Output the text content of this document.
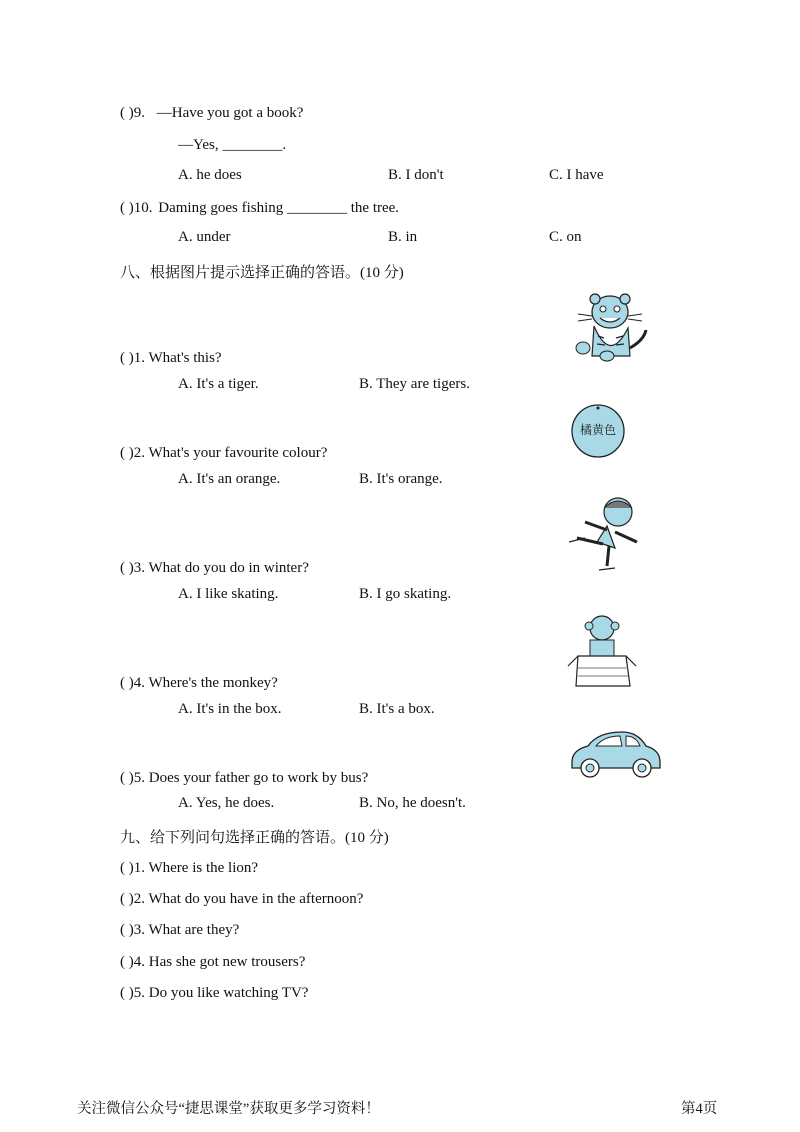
( )9. —Have you got a book?
—Yes, ________.
A. he does	B. I don't	C. I have
( )10. Daming goes fishing ________ the tree.
A. under	B. in	C. on
八、根据图片提示选择正确的答语。(10 分)
( )1. What's this?
A. It's a tiger.	B. They are tigers.
( )2. What's your favourite colour?
A. It's an orange.	B. It's orange.
( )3. What do you do in winter?
A. I like skating.	B. I go skating.
( )4. Where's the monkey?
A. It's in the box.	B. It's a box.
( )5. Does your father go to work by bus?
A. Yes, he does.	B. No, he doesn't.
橘黄色
九、给下列问句选择正确的答语。(10 分)
( )1. Where is the lion?
( )2. What do you have in the afternoon?
( )3. What are they?
( )4. Has she got new trousers?
( )5. Do you like watching TV?
关注微信公众号“捷思课堂”获取更多学习资料！	第4页
